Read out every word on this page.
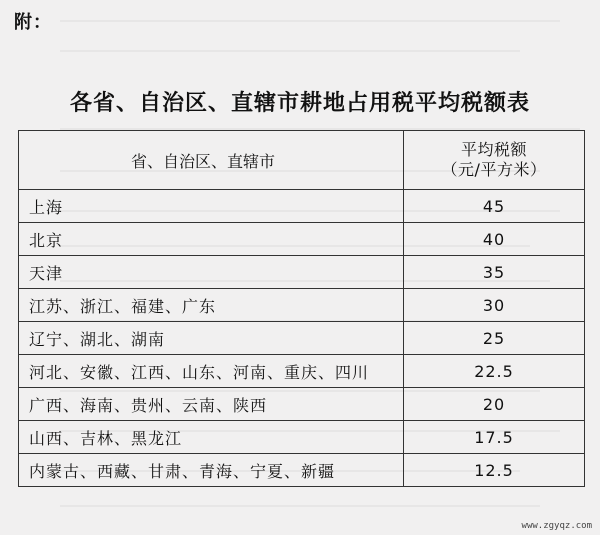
附：
各省、自治区、直辖市耕地占用税平均税额表
省、自治区、直辖市	平均税额
（元/平方米）

上海	45
北京	40
天津	35
江苏、浙江、福建、广东	30
辽宁、湖北、湖南	25
河北、安徽、江西、山东、河南、重庆、四川	22.5
广西、海南、贵州、云南、陕西	20
山西、吉林、黑龙江	17.5
内蒙古、西藏、甘肃、青海、宁夏、新疆	12.5
www.zgyqz.com
